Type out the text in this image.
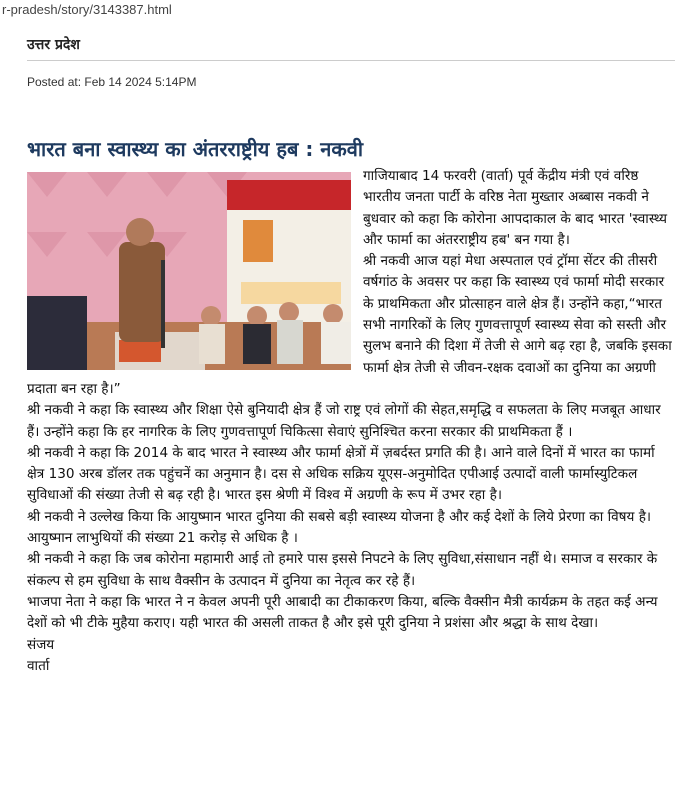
r-pradesh/story/3143387.html
उत्तर प्रदेश
Posted at: Feb 14 2024 5:14PM
भारत बना स्वास्थ्य का अंतरराष्ट्रीय हब : नकवी

गाजियाबाद 14 फरवरी (वार्ता) पूर्व केंद्रीय मंत्री एवं वरिष्ठ भारतीय जनता पार्टी के वरिष्ठ नेता मुख्तार अब्बास नकवी ने बुधवार को कहा कि कोरोना आपदाकाल के बाद भारत 'स्वास्थ्य और फार्मा का अंतरराष्ट्रीय हब' बन गया है।

श्री नकवी आज यहां मेधा अस्पताल एवं ट्रॉमा सेंटर की तीसरी वर्षगांठ के अवसर पर कहा कि स्वास्थ्य एवं फार्मा मोदी सरकार के प्राथमिकता और प्रोत्साहन वाले क्षेत्र हैं। उन्होंने कहा,“भारत सभी नागरिकों के लिए गुणवत्तापूर्ण स्वास्थ्य सेवा को सस्ती और सुलभ बनाने की दिशा में तेजी से आगे बढ़ रहा है, जबकि इसका फार्मा क्षेत्र तेजी से जीवन-रक्षक दवाओं का दुनिया का अग्रणी प्रदाता बन रहा है।”

श्री नकवी ने कहा कि स्वास्थ्य और शिक्षा ऐसे बुनियादी क्षेत्र हैं जो राष्ट्र एवं लोगों की सेहत,समृद्धि व सफलता के लिए मजबूत आधार हैं। उन्होंने कहा कि हर नागरिक के लिए गुणवत्तापूर्ण चिकित्सा सेवाएं सुनिश्चित करना सरकार की प्राथमिकता हैं ।

श्री नकवी ने कहा कि 2014 के बाद भारत ने स्वास्थ्य और फार्मा क्षेत्रों में ज़बर्दस्त प्रगति की है। आने वाले दिनों में भारत का फार्मा क्षेत्र 130 अरब डॉलर तक पहुंचनें का अनुमान है। दस से अधिक सक्रिय यूएस-अनुमोदित एपीआई उत्पादों वाली फार्मास्युटिकल सुविधाओं की संख्या तेजी से बढ़ रही है। भारत इस श्रेणी में विश्व में अग्रणी के रूप में उभर रहा है।

श्री नकवी ने उल्लेख किया कि आयुष्मान भारत दुनिया की सबसे बड़ी स्वास्थ्य योजना है और कई देशों के लिये प्रेरणा का विषय है। आयुष्मान लाभुथियों की संख्या 21 करोड़ से अधिक है ।

श्री नकवी ने कहा कि जब कोरोना महामारी आई तो हमारे पास इससे निपटने के लिए सुविधा,संसाधान नहीं थे। समाज व सरकार के संकल्प से हम सुविधा के साथ वैक्सीन के उत्पादन में दुनिया का नेतृत्व कर रहे हैं।

भाजपा नेता ने कहा कि भारत ने न केवल अपनी पूरी आबादी का टीकाकरण किया, बल्कि वैक्सीन मैत्री कार्यक्रम के तहत कई अन्य देशों को भी टीके मुहैया कराए। यही भारत की असली ताकत है और इसे पूरी दुनिया ने प्रशंसा और श्रद्धा के साथ देखा।

संजय

वार्ता
